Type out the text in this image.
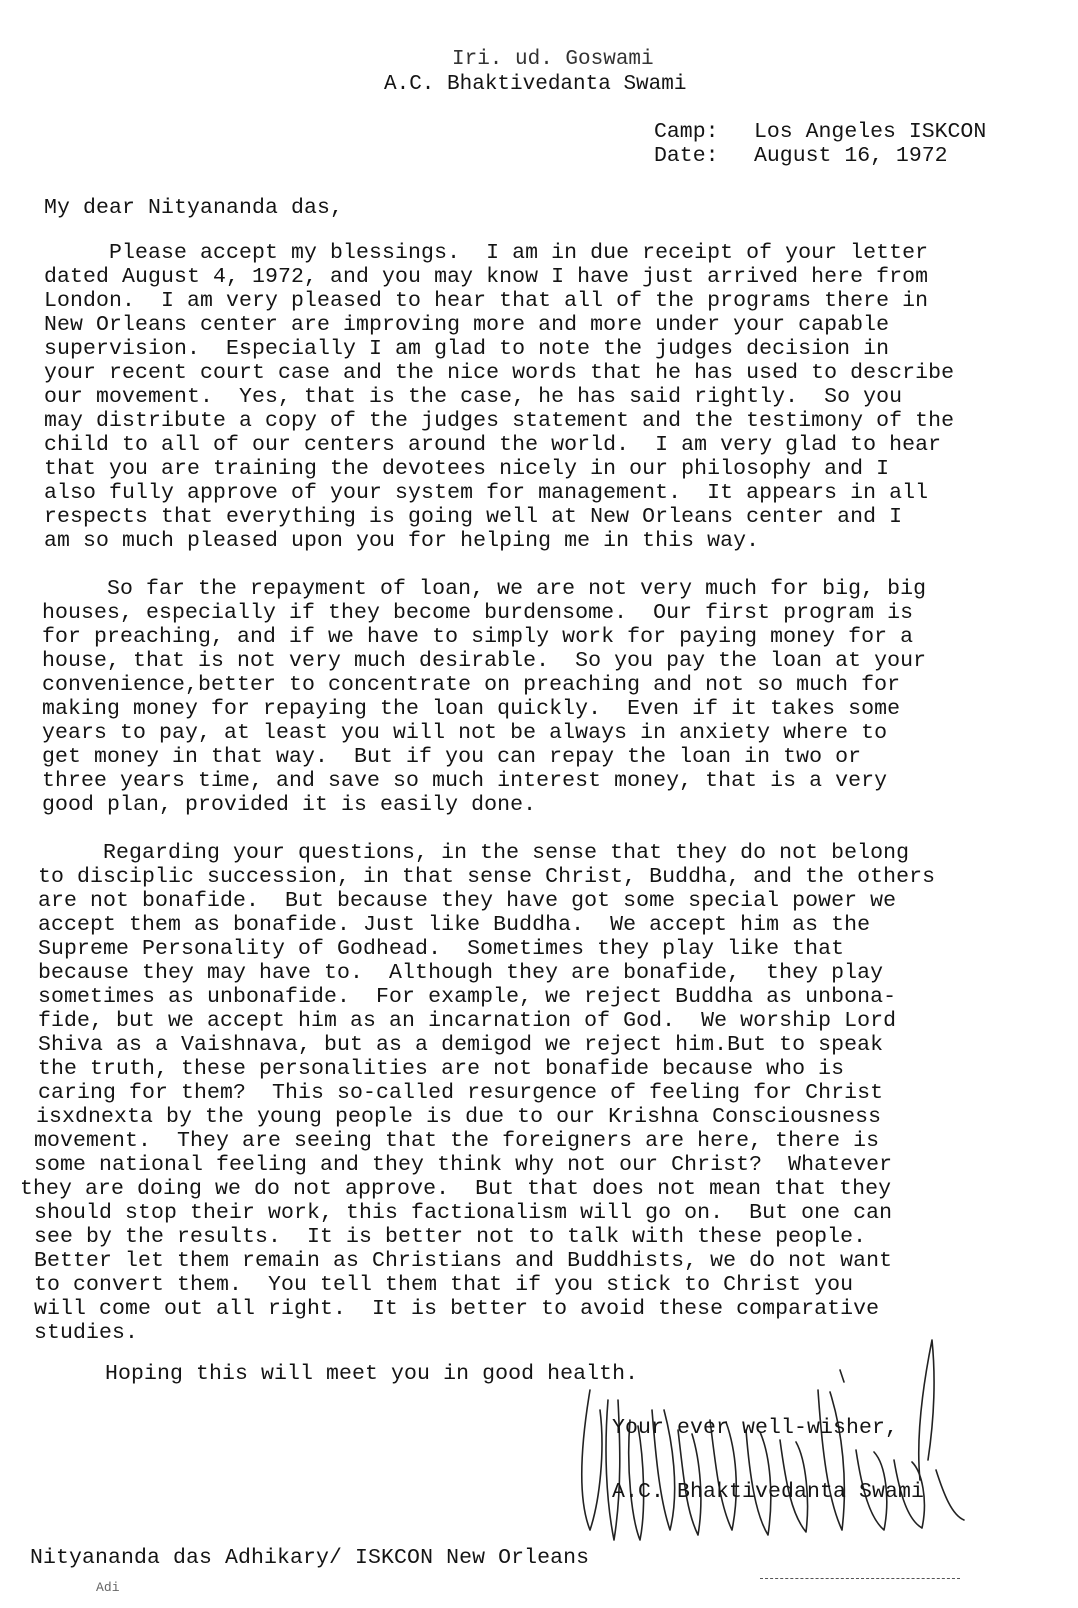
Iri. ud. Goswami
A.C. Bhaktivedanta Swami
Camp: Los Angeles ISKCON
Date: August 16, 1972
My dear Nityananda das,
Please accept my blessings.  I am in due receipt of your letter
dated August 4, 1972, and you may know I have just arrived here from
London.  I am very pleased to hear that all of the programs there in
New Orleans center are improving more and more under your capable
supervision.  Especially I am glad to note the judges decision in
your recent court case and the nice words that he has used to describe
our movement.  Yes, that is the case, he has said rightly.  So you
may distribute a copy of the judges statement and the testimony of the
child to all of our centers around the world.  I am very glad to hear
that you are training the devotees nicely in our philosophy and I
also fully approve of your system for management.  It appears in all
respects that everything is going well at New Orleans center and I
am so much pleased upon you for helping me in this way.
So far the repayment of loan, we are not very much for big, big
houses, especially if they become burdensome.  Our first program is
for preaching, and if we have to simply work for paying money for a
house, that is not very much desirable.  So you pay the loan at your
convenience,better to concentrate on preaching and not so much for
making money for repaying the loan quickly.  Even if it takes some
years to pay, at least you will not be always in anxiety where to
get money in that way.  But if you can repay the loan in two or
three years time, and save so much interest money, that is a very
good plan, provided it is easily done.
Regarding your questions, in the sense that they do not belong
to disciplic succession, in that sense Christ, Buddha, and the others
are not bonafide.  But because they have got some special power we
accept them as bonafide. Just like Buddha.  We accept him as the
Supreme Personality of Godhead.  Sometimes they play like that
because they may have to.  Although they are bonafide,  they play
sometimes as unbonafide.  For example, we reject Buddha as unbona-
fide, but we accept him as an incarnation of God.  We worship Lord
Shiva as a Vaishnava, but as a demigod we reject him.But to speak
the truth, these personalities are not bonafide because who is
caring for them?  This so-called resurgence of feeling for Christ
isxdnexta by the young people is due to our Krishna Consciousness
movement.  They are seeing that the foreigners are here, there is
some national feeling and they think why not our Christ?  Whatever
they are doing we do not approve.  But that does not mean that they
should stop their work, this factionalism will go on.  But one can
see by the results.  It is better not to talk with these people.
Better let them remain as Christians and Buddhists, we do not want
to convert them.  You tell them that if you stick to Christ you
will come out all right.  It is better to avoid these comparative
studies.
Hoping this will meet you in good health.
Your ever well-wisher,
A.C. Bhaktivedanta Swami
Nityananda das Adhikary/ ISKCON New Orleans
Adi
